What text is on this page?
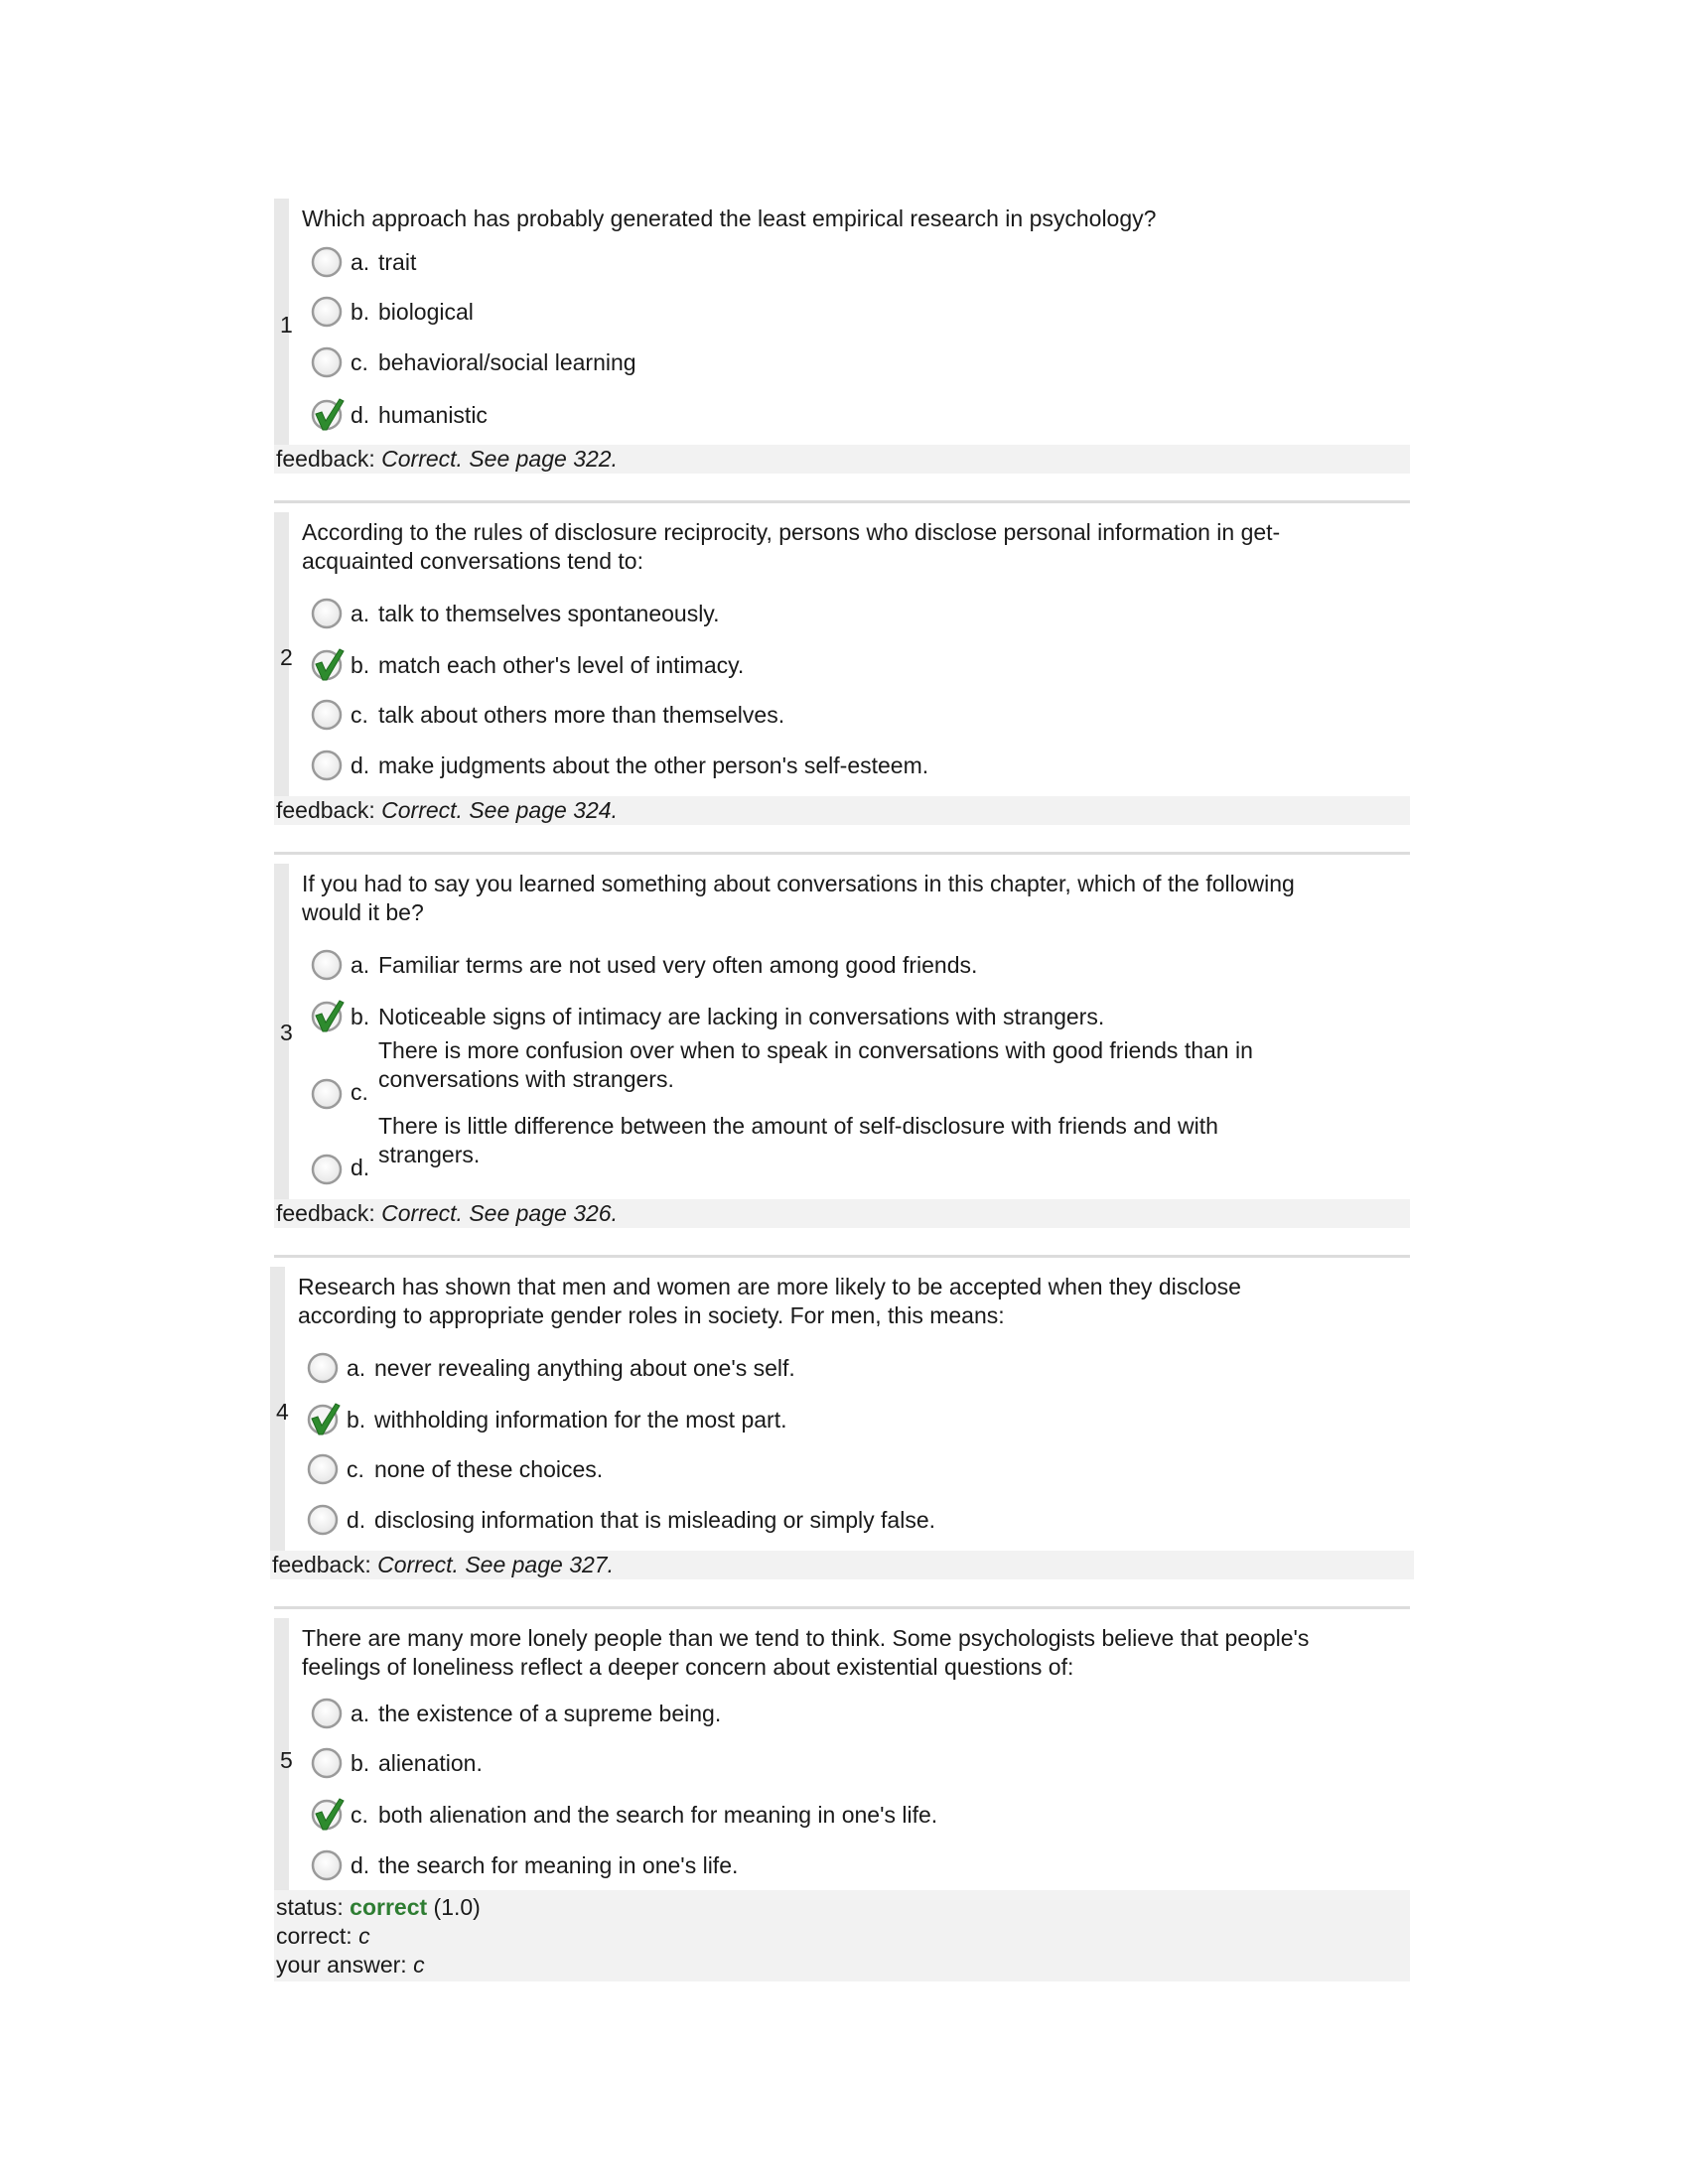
1
Which approach has probably generated the least empirical research in psychology?
a. trait
b. biological
c. behavioral/social learning
d. humanistic
feedback: Correct. See page 322.
2
According to the rules of disclosure reciprocity, persons who disclose personal information in get-
acquainted conversations tend to:
a. talk to themselves spontaneously.
b. match each other's level of intimacy.
c. talk about others more than themselves.
d. make judgments about the other person's self-esteem.
feedback: Correct. See page 324.
3
If you had to say you learned something about conversations in this chapter, which of the following
would it be?
a. Familiar terms are not used very often among good friends.
b. Noticeable signs of intimacy are lacking in conversations with strangers.
c.
There is more confusion over when to speak in conversations with good friends than in
conversations with strangers.
d.
There is little difference between the amount of self-disclosure with friends and with
strangers.
feedback: Correct. See page 326.
4
Research has shown that men and women are more likely to be accepted when they disclose
according to appropriate gender roles in society. For men, this means:
a. never revealing anything about one's self.
b. withholding information for the most part.
c. none of these choices.
d. disclosing information that is misleading or simply false.
feedback: Correct. See page 327.
5
There are many more lonely people than we tend to think. Some psychologists believe that people's
feelings of loneliness reflect a deeper concern about existential questions of:
a. the existence of a supreme being.
b. alienation.
c. both alienation and the search for meaning in one's life.
d. the search for meaning in one's life.
status: correct (1.0)
correct: c
your answer: c
